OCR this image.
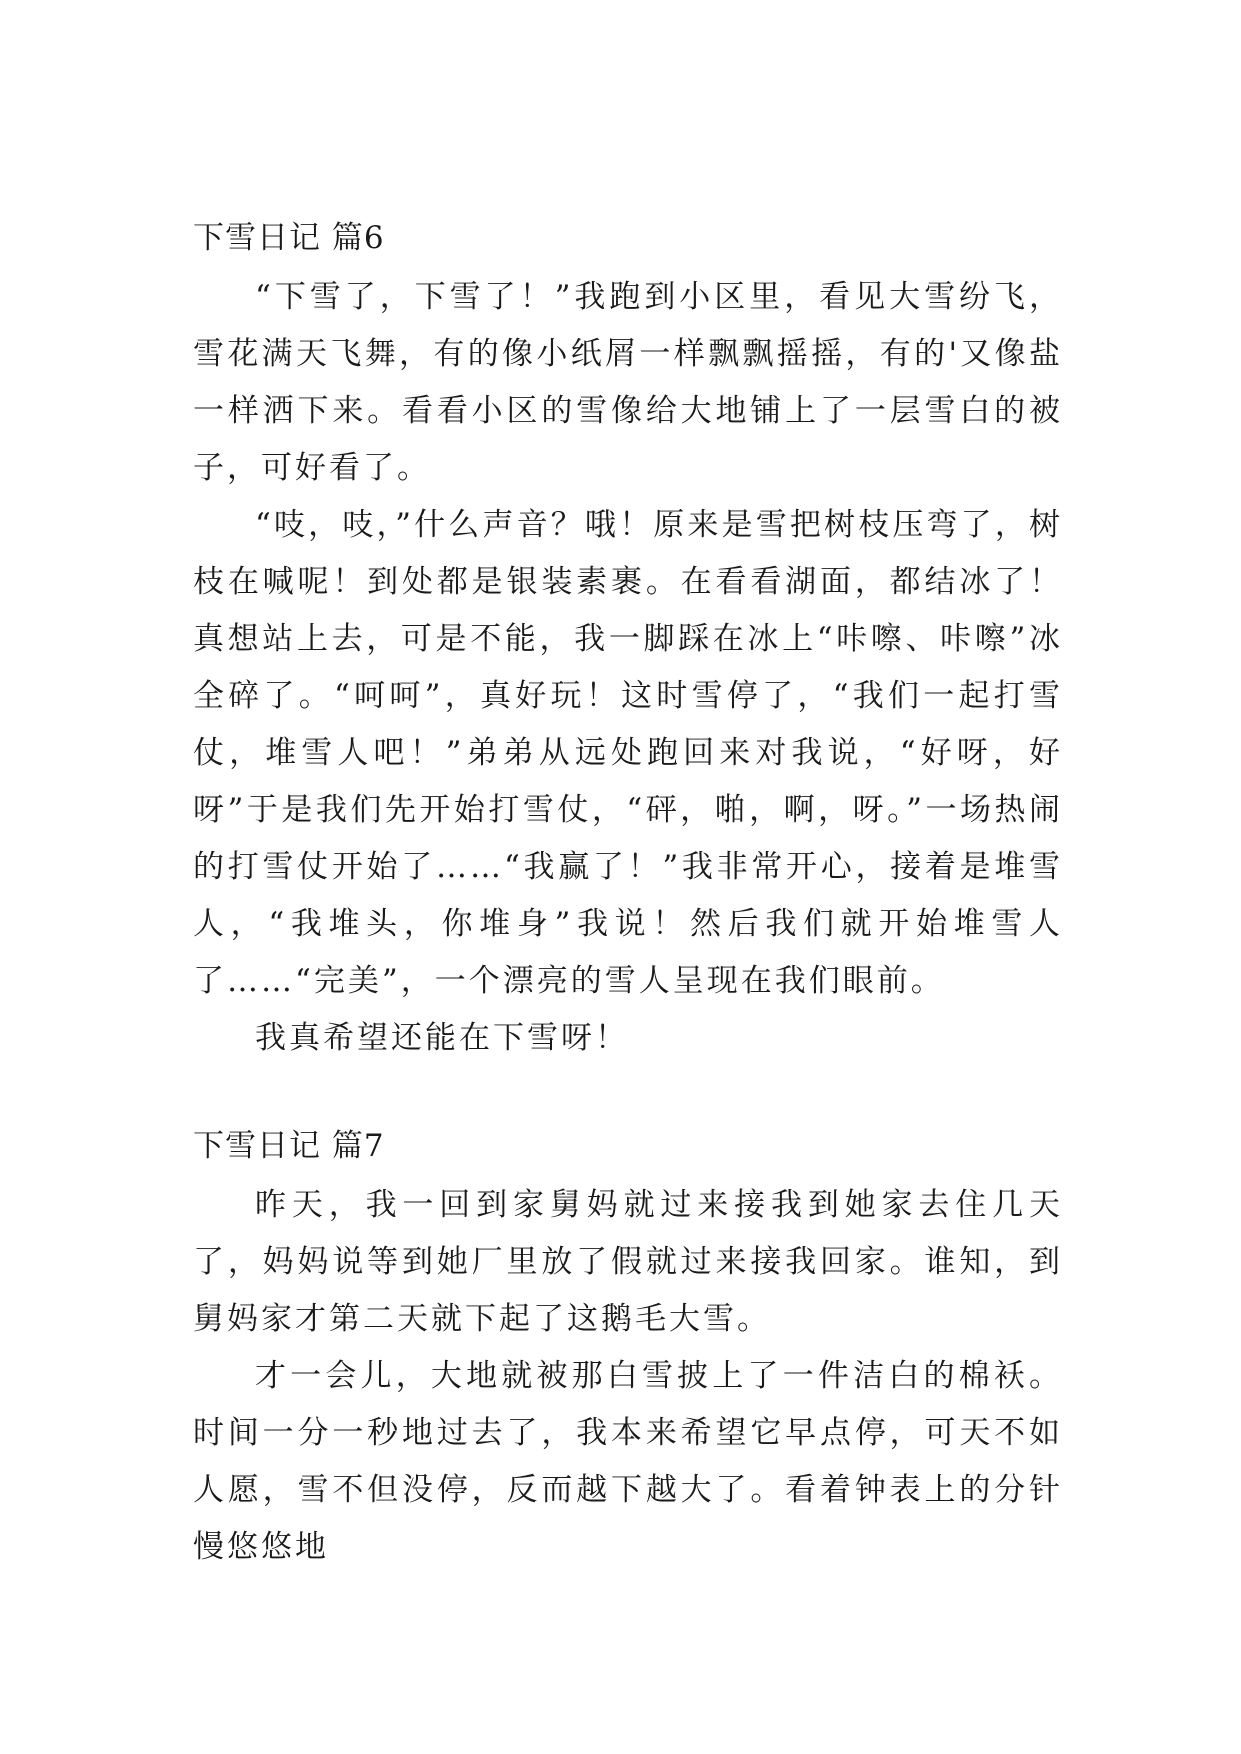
下雪日记 篇6

“下雪了，下雪了！”我跑到小区里，看见大雪纷飞，雪花满天飞舞，有的像小纸屑一样飘飘摇摇，有的'又像盐一样洒下来。看看小区的雪像给大地铺上了一层雪白的被子，可好看了。

“吱，吱，”什么声音？哦！原来是雪把树枝压弯了，树枝在喊呢！到处都是银装素裹。在看看湖面，都结冰了！真想站上去，可是不能，我一脚踩在冰上“咔嚓、咔嚓”冰全碎了。“呵呵”，真好玩！这时雪停了，“我们一起打雪仗，堆雪人吧！”弟弟从远处跑回来对我说，“好呀，好呀”于是我们先开始打雪仗，“砰，啪，啊，呀。”一场热闹的打雪仗开始了……“我赢了！”我非常开心，接着是堆雪人，“我堆头，你堆身”我说！然后我们就开始堆雪人了……“完美”，一个漂亮的雪人呈现在我们眼前。

我真希望还能在下雪呀！

下雪日记 篇7

昨天，我一回到家舅妈就过来接我到她家去住几天了，妈妈说等到她厂里放了假就过来接我回家。谁知，到舅妈家才第二天就下起了这鹅毛大雪。

才一会儿，大地就被那白雪披上了一件洁白的棉袄。时间一分一秒地过去了，我本来希望它早点停，可天不如人愿，雪不但没停，反而越下越大了。看着钟表上的分针慢悠悠地
